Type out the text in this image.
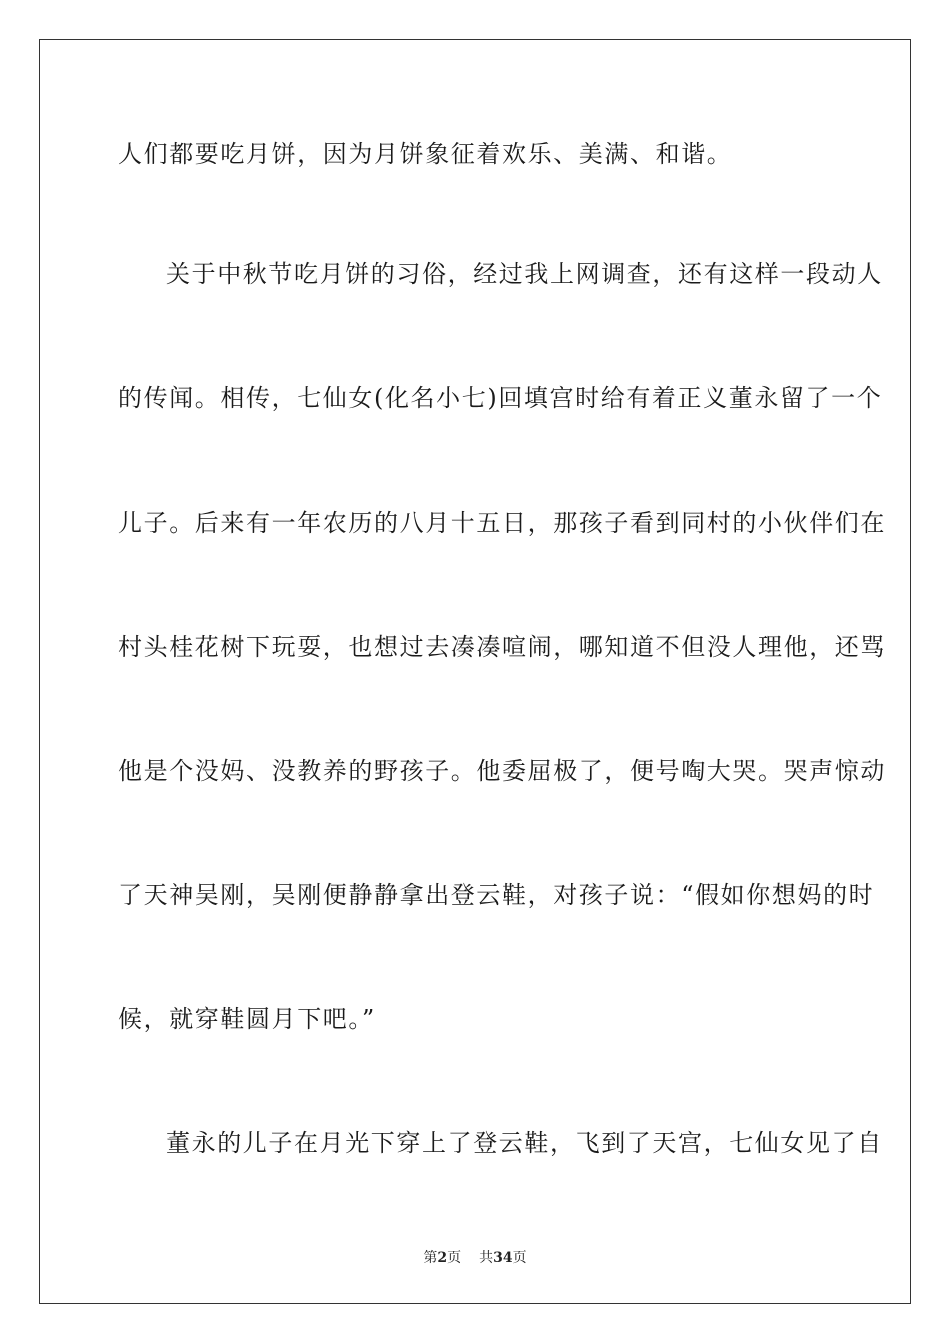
人们都要吃月饼，因为月饼象征着欢乐、美满、和谐。
关于中秋节吃月饼的习俗，经过我上网调查，还有这样一段动人
的传闻。相传，七仙女(化名小七)回填宫时给有着正义董永留了一个
儿子。后来有一年农历的八月十五日，那孩子看到同村的小伙伴们在
村头桂花树下玩耍，也想过去凑凑喧闹，哪知道不但没人理他，还骂
他是个没妈、没教养的野孩子。他委屈极了，便号啕大哭。哭声惊动
了天神吴刚，吴刚便静静拿出登云鞋，对孩子说：“假如你想妈的时
候，就穿鞋圆月下吧。”
董永的儿子在月光下穿上了登云鞋，飞到了天宫，七仙女见了自
第2页 共34页
